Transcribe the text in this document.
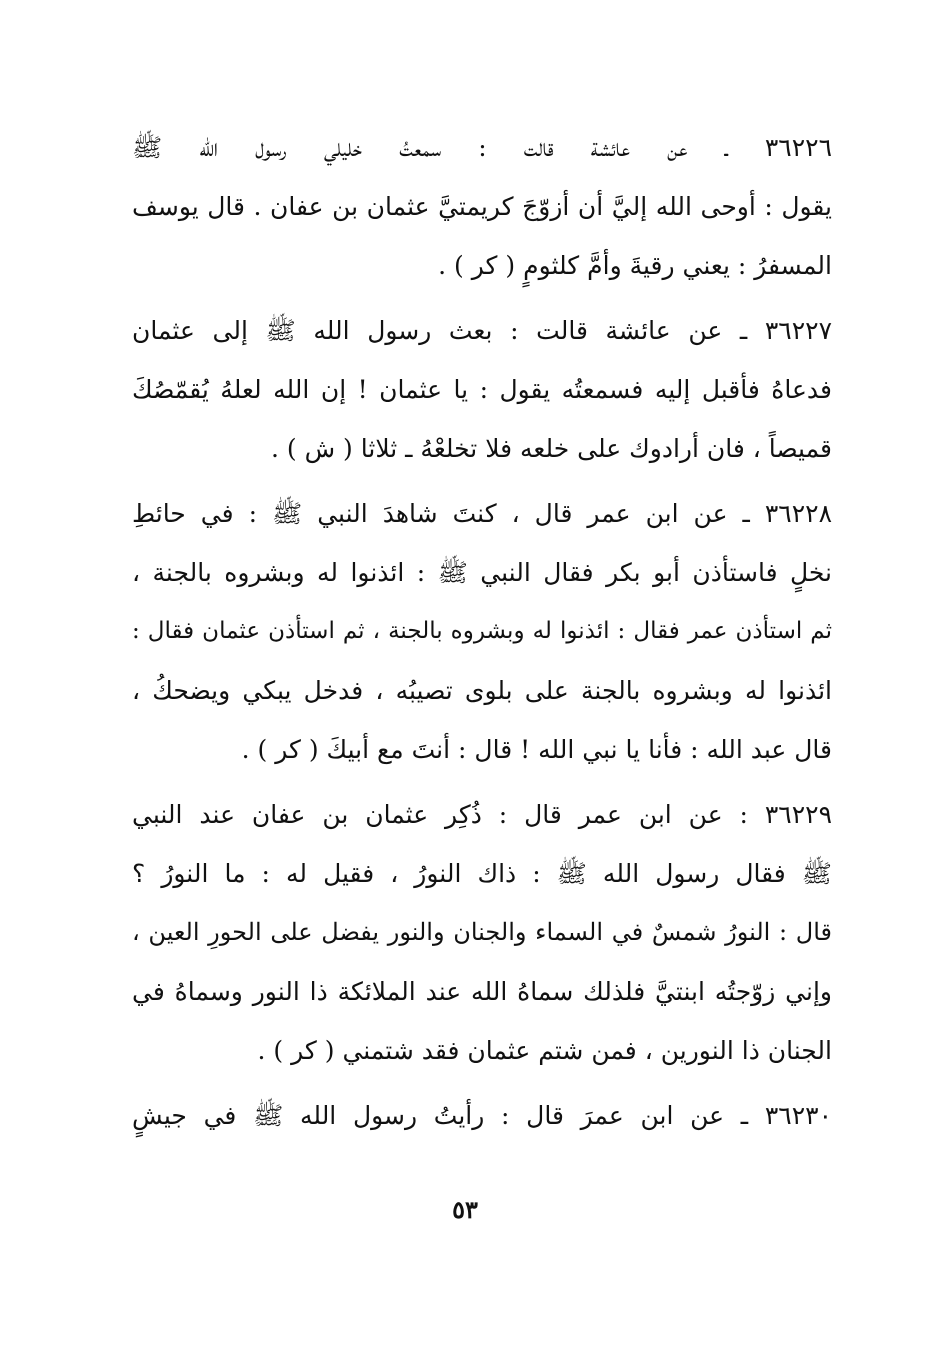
٣٦٢٢٦ ـ عن عائشة قالت : سمعتُ خليلي رسول الله ﷺ
يقول : أوحى الله إليَّ أن أزوّجَ كريمتيَّ عثمان بن عفان . قال يوسف
المسفرُ : يعني رقيةَ وأمَّ كلثومٍ ( كر ) .
٣٦٢٢٧ ـ عن عائشة قالت : بعث رسول الله ﷺ إلى عثمان
فدعاهُ فأقبل إليه فسمعتُه يقول : يا عثمان ! إن الله لعلهُ يُقمّصُكَ
قميصاً ، فان أرادوك على خلعه فلا تخلعْهُ ـ ثلاثا ( ش ) .
٣٦٢٢٨ ـ عن ابن عمر قال ، كنتَ شاهدَ النبي ﷺ : في حائطِ
نخلٍ فاستأذن أبو بكر فقال النبي ﷺ : ائذنوا له وبشروه بالجنة ،
ثم استأذن عمر فقال : ائذنوا له وبشروه بالجنة ، ثم استأذن عثمان فقال :
ائذنوا له وبشروه بالجنة على بلوى تصيبُه ، فدخل يبكي ويضحكُ ،
قال عبد الله : فأنا يا نبي الله ! قال : أنتَ مع أبيكَ ( كر ) .
٣٦٢٢٩ : عن ابن عمر قال : ذُكِر عثمان بن عفان عند النبي
ﷺ فقال رسول الله ﷺ : ذاك النورُ ، فقيل له : ما النورُ ؟
قال : النورُ شمسٌ في السماء والجنان والنور يفضل على الحورِ العين ،
وإني زوّجتُه ابنتيَّ فلذلك سماهُ الله عند الملائكة ذا النور وسماهُ في
الجنان ذا النورين ، فمن شتم عثمان فقد شتمني ( كر ) .
٣٦٢٣٠ ـ عن ابن عمرَ قال : رأيتُ رسول الله ﷺ في جيشٍ
٥٣
